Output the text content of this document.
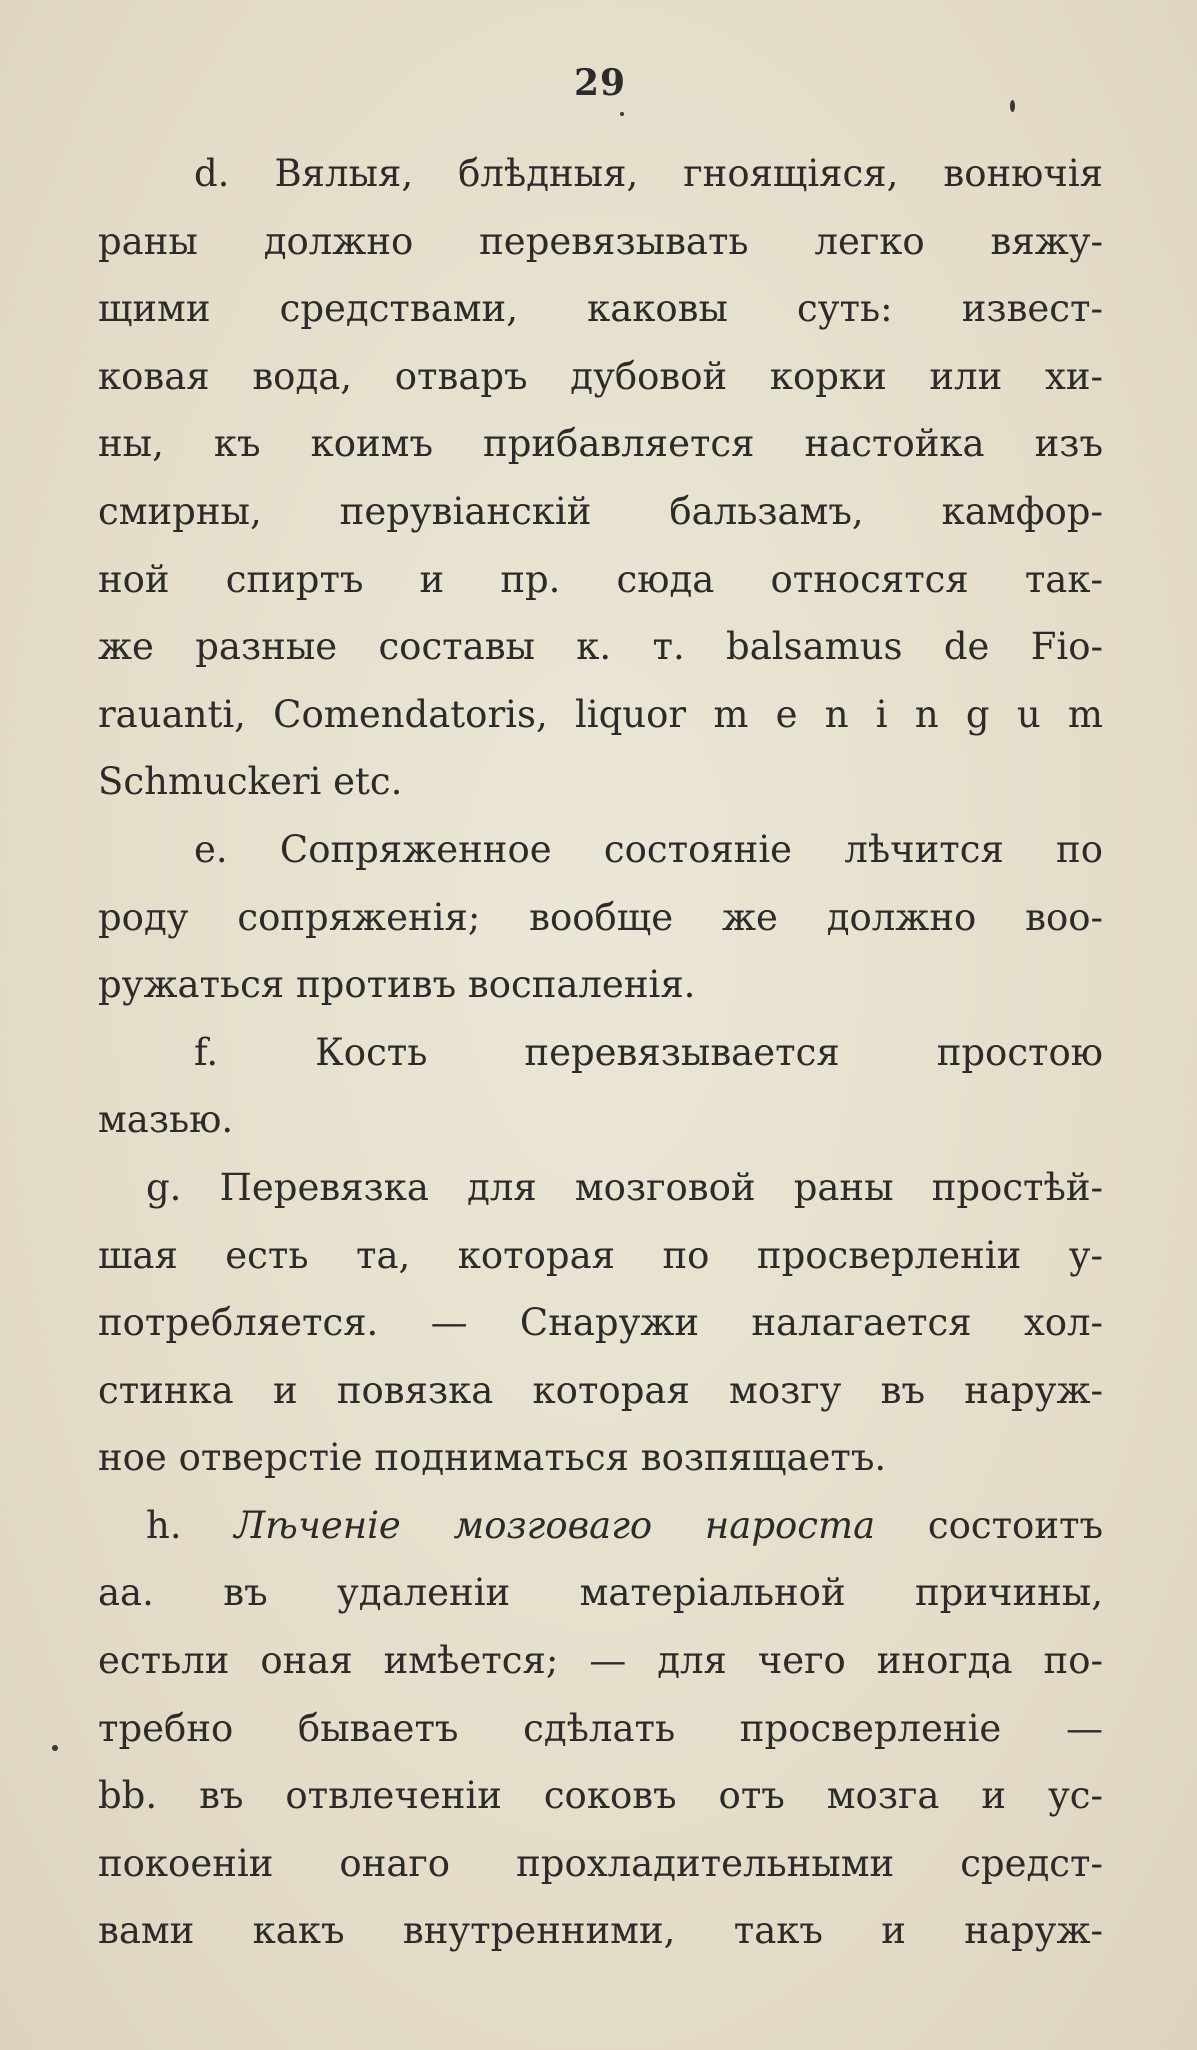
29
d. Вялыя, блѣдныя, гноящіяся, вонючія
раны должно перевязывать легко вяжу-
щими средствами, каковы суть: извест-
ковая вода, отваръ дубовой корки или хи-
ны, къ коимъ прибавляется настойка изъ
смирны, перувіанскій бальзамъ, камфор-
ной спиртъ и пр. сюда относятся так-
же разные составы к. т. balsamus de Fio-
rauanti, Comendatoris, liquor m e n i n g u m
Schmuckeri etc.
e. Сопряженное состояніе лѣчится по
роду сопряженія; вообще же должно воо-
ружаться противъ воспаленія.
f. Кость перевязывается простою
мазью.
g. Перевязка для мозговой раны простѣй-
шая есть та, которая по просверленіи у-
потребляется. — Снаружи налагается хол-
стинка и повязка которая мозгу въ наруж-
ное отверстіе подниматься возпящаетъ.
h. Лѣченіе мозговаго нароста состоитъ
aa. въ удаленіи матеріальной причины,
естьли оная имѣется; — для чего иногда по-
требно бываетъ сдѣлать просверленіе —
bb. въ отвлеченіи соковъ отъ мозга и ус-
покоеніи онаго прохладительными средст-
вами какъ внутренними, такъ и наруж-
